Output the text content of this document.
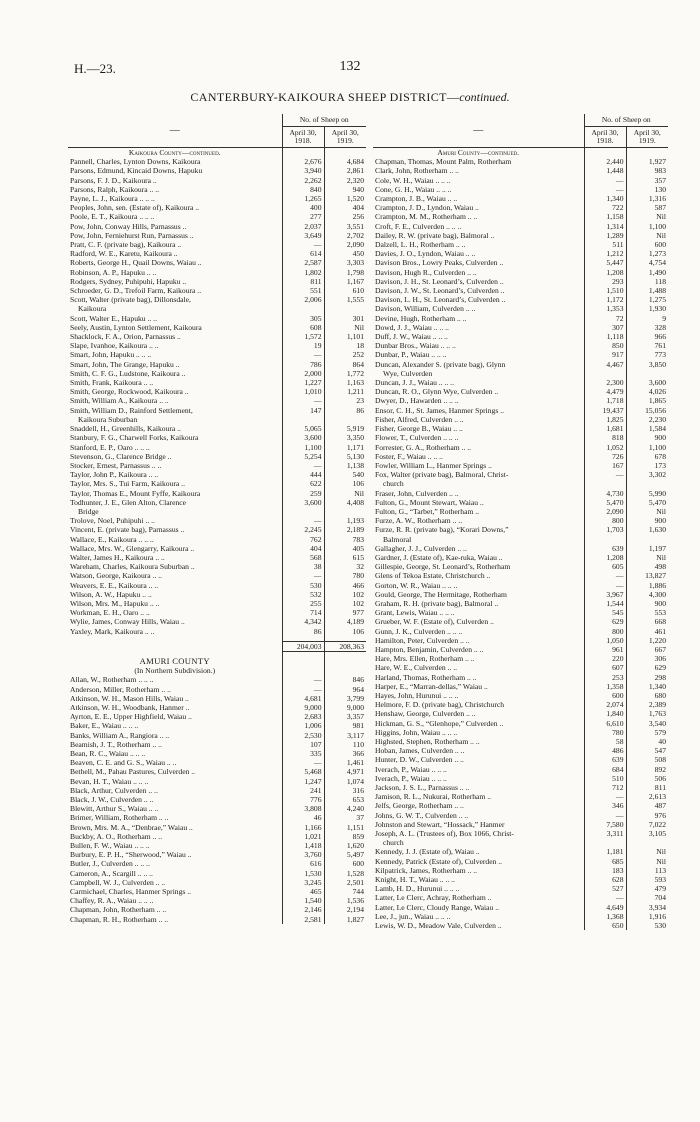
H.—23.	132
CANTERBURY-KAIKOURA SHEEP DISTRICT—continued.
—	No. of Sheep on	
	April 30, 1918.	April 30, 1919.
Kaikoura County—continued.		
Pannell, Charles, Lynton Downs, Kaikoura	2,676	4,684
Parsons, Edmund, Kincaid Downs, Hapuku	3,940	2,861
Parsons, F. J. D., Kaikoura ..	2,262	2,320
Parsons, Ralph, Kaikoura .. ..	840	940
Payne, L. J., Kaikoura .. .. ..	1,265	1,520
Peoples, John, sen. (Estate of), Kaikoura ..	400	404
Poole, E. T., Kaikoura .. .. ..	277	256
Pow, John, Conway Hills, Parnassus ..	2,037	3,551
Pow, John, Ferniehurst Run, Parnassus ..	3,649	2,702
Pratt, C. F. (private bag), Kaikoura ..	—	2,090
Radford, W. E., Karetu, Kaikoura ..	614	450
Roberts, George H., Quail Downs, Waiau ..	2,587	3,303
Robinson, A. P., Hapuku .. ..	1,802	1,798
Rodgers, Sydney, Puhipuhi, Hapuku ..	811	1,167
Schroeder, G. D., Trefoil Farm, Kaikoura ..	551	610
Scott, Walter (private bag), Dillonsdale,	2,006	1,555
Kaikoura		
Scott, Walter E., Hapuku .. ..	305	301
Seely, Austin, Lynton Settlement, Kaikoura	608	Nil
Shacklock, F. A., Orion, Parnassus ..	1,572	1,101
Slape, Ivanhoe, Kaikoura .. ..	19	18
Smart, John, Hapuku .. .. ..	—	252
Smart, John, The Grange, Hapuku ..	786	864
Smith, C. F. G., Ludstone, Kaikoura ..	2,000	1,772
Smith, Frank, Kaikoura .. ..	1,227	1,163
Smith, George, Rockwood, Kaikoura ..	1,010	1,211
Smith, William A., Kaikoura .. ..	—	23
Smith, William D., Rainford Settlement,	147	86
Kaikoura Suburban		
Snaddell, H., Greenhills, Kaikoura ..	5,065	5,919
Stanbury, F. G., Charwell Forks, Kaikoura	3,600	3,350
Stanford, E. P., Oaro .. .. ..	1,100	1,171
Stevenson, G., Clarence Bridge ..	5,254	5,130
Stocker, Ernest, Parnassus .. ..	—	1,138
Taylor, John P., Kaikoura .. ..	444	540
Taylor, Mrs. S., Tui Farm, Kaikoura ..	622	106
Taylor, Thomas E., Mount Fyffe, Kaikoura	259	Nil
Todhunter, J. E., Glen Alton, Clarence	3,600	4,408
Bridge		
Trolove, Noel, Puhipuhi .. ..	—	1,193
Vincent, E. (private bag), Parnassus ..	2,245	2,189
Wallace, E., Kaikoura .. .. ..	762	783
Wallace, Mrs. W., Glengarry, Kaikoura ..	404	405
Walter, James H., Kaikoura .. ..	568	615
Wareham, Charles, Kaikoura Suburban ..	38	32
Watson, George, Kaikoura .. ..	—	780
Weavers, E. E., Kaikoura .. ..	530	466
Wilson, A. W., Hapuku .. ..	532	102
Wilson, Mrs. M., Hapuku .. ..	255	102
Workman, E. H., Oaro .. ..	714	977
Wylie, James, Conway Hills, Waiau ..	4,342	4,189
Yaxley, Mark, Kaikoura .. ..	86	106

	204,003	208,363

AMURI COUNTY		
(In Northern Subdivision.)		
Allan, W., Rotherham .. .. ..	—	846
Anderson, Miller, Rotherham .. ..	—	964
Atkinson, W. H., Mason Hills, Waiau ..	4,681	3,799
Atkinson, W. H., Woodbank, Hanmer ..	9,000	9,000
Ayrton, E. E., Upper Highfield, Waiau ..	2,683	3,357
Baker, E., Waiau .. .. ..	1,006	981
Banks, William A., Rangiora .. ..	2,530	3,117
Beamish, J. T., Rotherham .. ..	107	110
Bean, R. C., Waiau .. .. ..	335	366
Beaven, C. E. and G. S., Waiau .. ..	—	1,461
Bethell, M., Pahau Pastures, Culverden ..	5,468	4,971
Bevan, H. T., Waiau .. .. ..	1,247	1,074
Black, Arthur, Culverden .. ..	241	316
Black, J. W., Culverden .. ..	776	653
Blewitt, Arthur S., Waiau .. ..	3,808	4,240
Brimer, William, Rotherham .. ..	46	37
Brown, Mrs. M. A., “Denbrae,” Waiau ..	1,166	1,151
Buckby, A. O., Rotherham .. ..	1,021	859
Bullen, F. W., Waiau .. .. ..	1,418	1,620
Burbury, E. P. H., “Sherwood,” Waiau ..	3,760	5,497
Butler, J., Culverden .. .. ..	616	600
Cameron, A., Scargill .. .. ..	1,530	1,528
Campbell, W. J., Culverden .. ..	3,245	2,501
Carmichael, Charles, Hanmer Springs ..	465	744
Chaffey, R. A., Waiau .. .. ..	1,540	1,536
Chapman, John, Rotherham .. ..	2,146	2,194
Chapman, R. H., Rotherham .. ..	2,581	1,827
—	No. of Sheep on	
	April 30, 1918.	April 30, 1919.
Amuri County—continued.		
Chapman, Thomas, Mount Palm, Rotherham	2,440	1,927
Clark, John, Rotherham .. ..	1,448	983
Cole, W. H., Waiau .. .. ..	—	357
Cone, G. H., Waiau .. .. ..	—	130
Crampton, J. B., Waiau .. ..	1,340	1,316
Crampton, J. D., Lyndon, Waiau ..	722	587
Crampton, M. M., Rotherham .. ..	1,158	Nil
Croft, F. E., Culverden .. .. ..	1,314	1,100
Dailey, R. W. (private bag), Balmoral ..	1,289	Nil
Dalzell, L. H., Rotherham .. ..	511	600
Davies, J. O., Lyndon, Waiau .. ..	1,212	1,273
Davison Bros., Lowry Peaks, Culverden ..	5,447	4,754
Davison, Hugh R., Culverden .. ..	1,208	1,490
Davison, J. H., St. Leonard’s, Culverden ..	293	118
Davison, J. W., St. Leonard’s, Culverden ..	1,510	1,488
Davison, L. H., St. Leonard’s, Culverden ..	1,172	1,275
Davison, William, Culverden .. ..	1,353	1,930
Devine, Hugh, Rotherham .. ..	72	9
Dowd, J. J., Waiau .. .. ..	307	328
Duff, J. W., Waiau .. .. ..	1,118	966
Dunbar Bros., Waiau .. .. ..	850	761
Dunbar, P., Waiau .. .. ..	917	773
Duncan, Alexander S. (private bag), Glynn	4,467	3,850
Wye, Culverden		
Duncan, J. J., Waiau .. .. ..	2,300	3,600
Duncan, R. O., Glynn Wye, Culverden ..	4,479	4,026
Dwyer, D., Hawarden .. .. ..	1,718	1,865
Ensor, C. H., St. James, Hanmer Springs ..	19,437	15,056
Fisher, Alfred, Culverden .. ..	1,825	2,230
Fisher, George B., Waiau .. ..	1,681	1,584
Flower, T., Culverden .. .. ..	818	900
Forrester, G. A., Rotherham .. ..	1,052	1,100
Foster, F., Waiau .. .. ..	726	678
Fowler, William L., Hanmer Springs ..	167	173
Fox, Walter (private bag), Balmoral, Christ-	—	3,302
church		
Fraser, John, Culverden .. ..	4,730	5,990
Fulton, G., Mount Stewart, Waiau ..	5,470	5,470
Fulton, G., “Tarbet,” Rotherham ..	2,090	Nil
Furze, A. W., Rotherham .. ..	800	900
Furze, R. R. (private bag), “Korari Downs,”	1,703	1,630
Balmoral		
Gallagher, J. J., Culverden .. ..	639	1,197
Gardner, J. (Estate of), Kae-ruka, Waiau ..	1,208	Nil
Gillespie, George, St. Leonard’s, Rotherham	605	498
Glens of Tekoa Estate, Christchurch ..	—	13,827
Gorton, W. R., Waiau .. .. ..	—	1,886
Gould, George, The Hermitage, Rotherham	3,967	4,300
Graham, R. H. (private bag), Balmoral ..	1,544	900
Grant, Lewis, Waiau .. .. ..	545	553
Grueber, W. F. (Estate of), Culverden ..	629	668
Gunn, J. K., Culverden .. .. ..	800	461
Hamilton, Peter, Culverden .. ..	1,050	1,220
Hampton, Benjamin, Culverden .. ..	961	667
Hare, Mrs. Ellen, Rotherham .. ..	220	306
Hare, W. E., Culverden .. ..	607	629
Harland, Thomas, Rotherham .. ..	253	298
Harper, E., “Marran-dellas,” Waiau ..	1,358	1,340
Hayes, John, Hurunui .. .. ..	600	680
Helmore, F. D. (private bag), Christchurch	2,074	2,389
Henshaw, George, Culverden .. ..	1,840	1,763
Hickman, G. S., “Glenhope,” Culverden ..	6,610	3,540
Higgins, John, Waiau .. .. ..	780	579
Highsted, Stephen, Rotherham .. ..	58	40
Hoban, James, Culverden .. ..	486	547
Hunter, D. W., Culverden .. ..	639	508
Iverach, P., Waiau .. .. ..	684	892
Iverach, P., Waiau .. .. ..	510	506
Jackson, J. S. L., Parnassus .. ..	712	811
Jamison, R. L., Nukurai, Rotherham ..	—	2,613
Jelfs, George, Rotherham .. ..	346	487
Johns, G. W. T., Culverden .. ..	—	976
Johnston and Stewart, “Hossack,” Hanmer	7,580	7,022
Joseph, A. L. (Trustees of), Box 1066, Christ-	3,311	3,105
church		
Kennedy, J. J. (Estate of), Waiau ..	1,181	Nil
Kennedy, Patrick (Estate of), Culverden ..	685	Nil
Kilpatrick, James, Rotherham .. ..	183	113
Knight, H. T., Waiau .. .. ..	628	593
Lamb, H. D., Hurunui .. .. ..	527	479
Latter, Le Clerc, Achray, Rotherham ..	—	704
Latter, Le Clerc, Cloudy Range, Waiau ..	4,649	3,934
Lee, J., jun., Waiau .. .. ..	1,368	1,916
Lewis, W. D., Meadow Vale, Culverden ..	650	530
